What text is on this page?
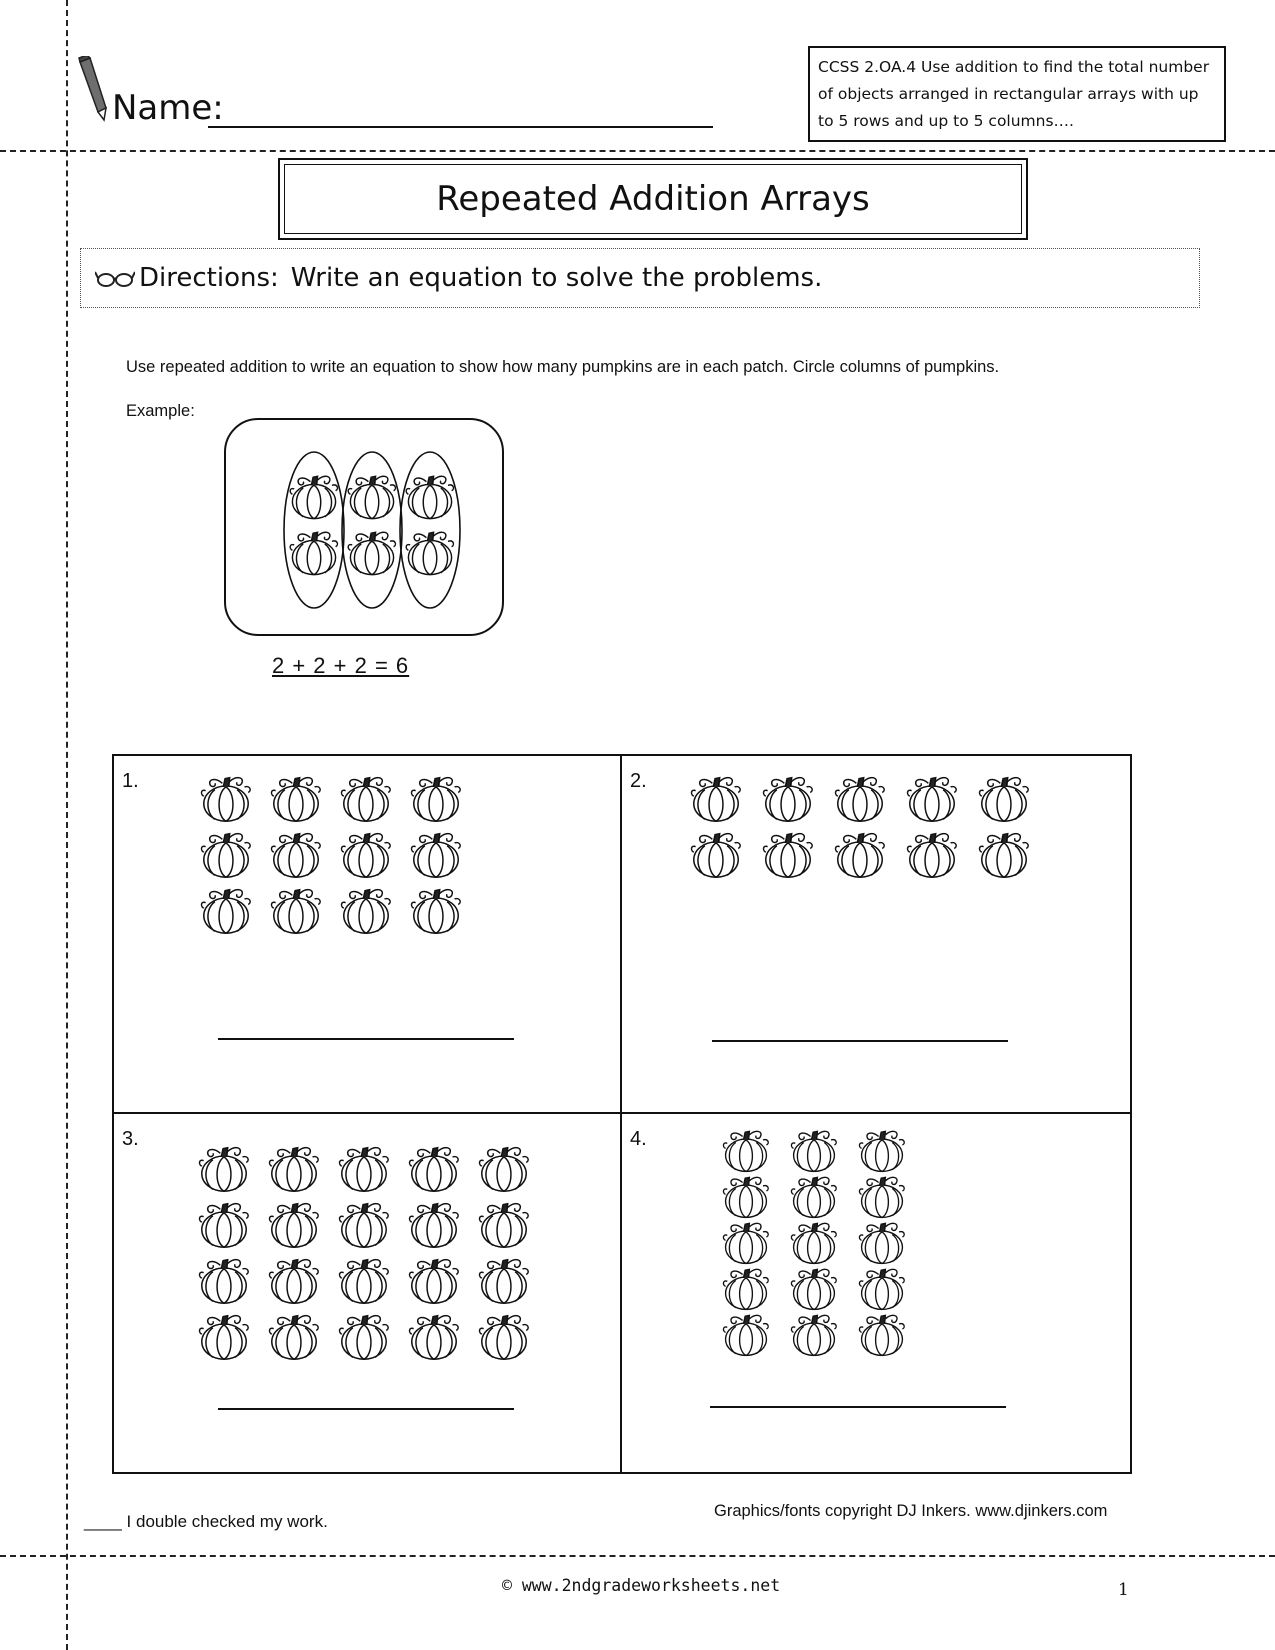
Name:
CCSS 2.OA.4 Use addition to find the total number of objects arranged in rectangular arrays with up to 5 rows and up to 5 columns….
Repeated Addition Arrays
Directions: Write an equation to solve the problems.
Use repeated addition to write an equation to show how many pumpkins are in each patch. Circle columns of pumpkins.
Example:
2 + 2 + 2 = 6
1.	2.
3.	4.
____ I double checked my work.
Graphics/fonts copyright DJ Inkers. www.djinkers.com
© www.2ndgradeworksheets.net	1
